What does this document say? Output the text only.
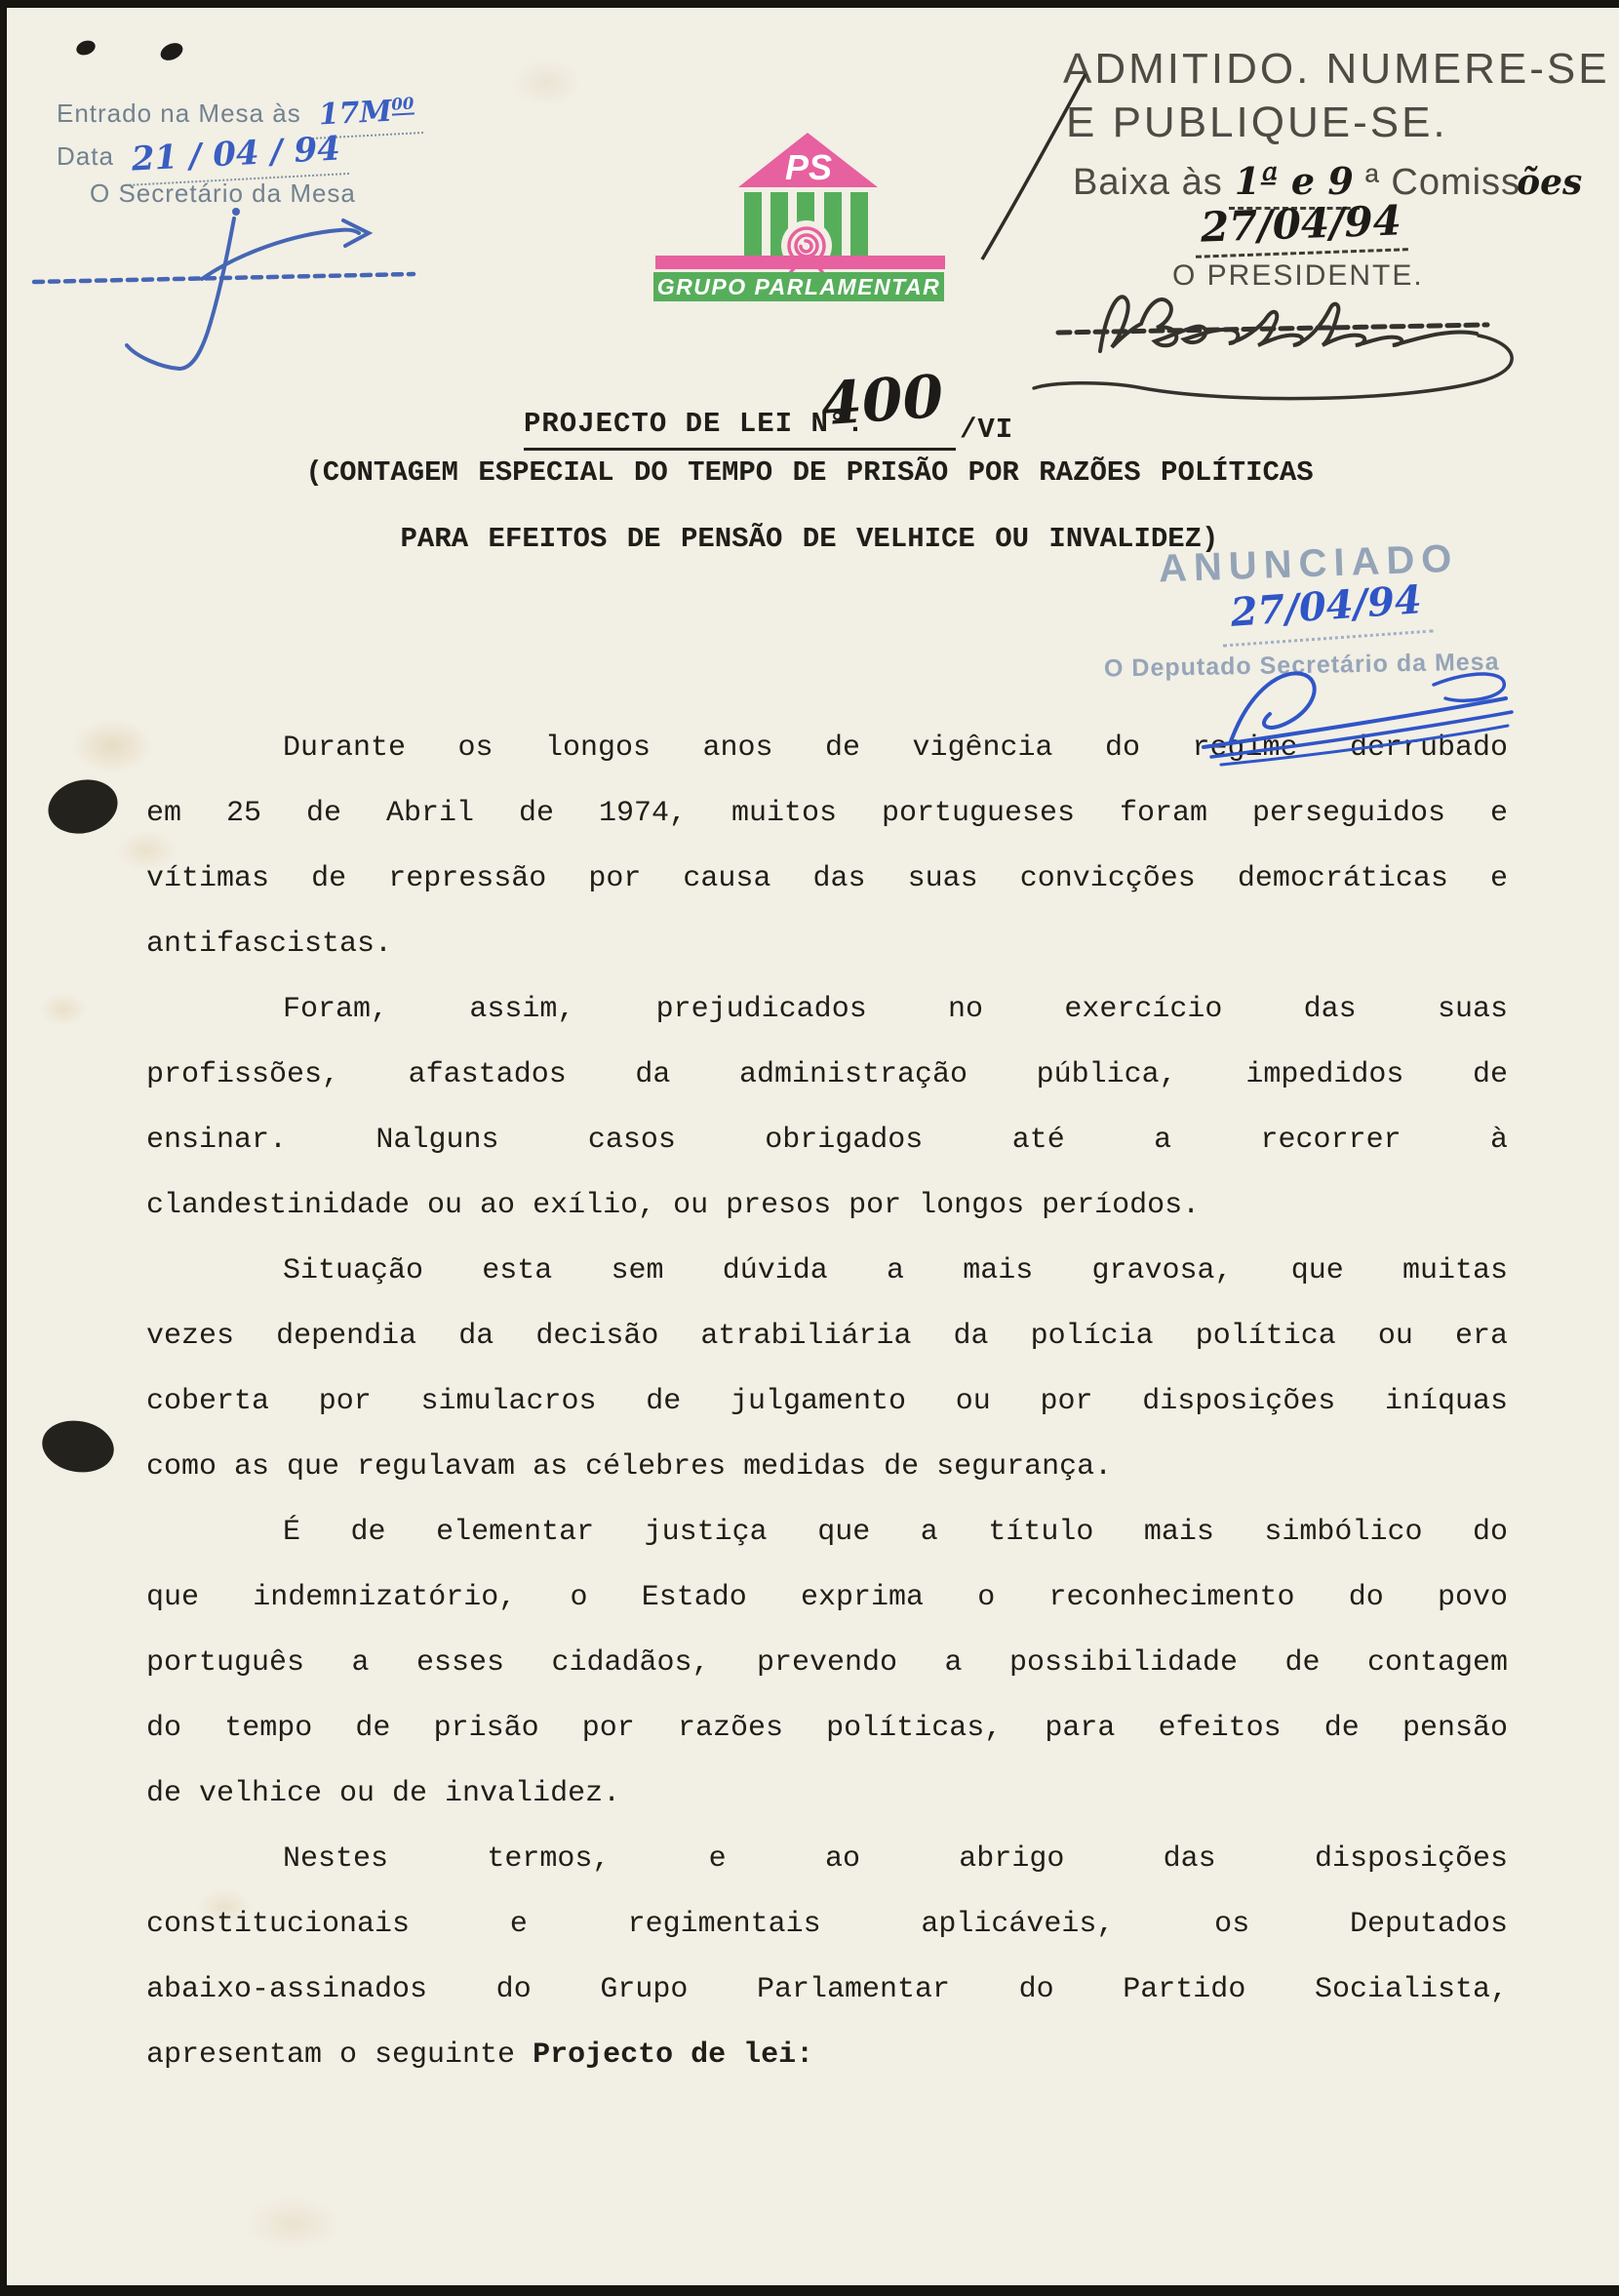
Entrado na Mesa às $17M^{00}$
Data 21 / 04 / 94
O Secretário da Mesa
ADMITIDO. NUMERE-SE
E PUBLIQUE-SE.
Baixa às 1ª e 9 ª Comiss
ões
27/04/94
O PRESIDENTE.
PS
GRUPO PARLAMENTAR
PROJECTO DE LEI N°.
400 /VI
(CONTAGEM ESPECIAL DO TEMPO DE PRISÃO POR RAZÕES POLÍTICAS
PARA EFEITOS DE PENSÃO DE VELHICE OU INVALIDEZ)
ANUNCIADO
27/04/94
O Deputado Secretário da Mesa
Durante os longos anos de vigência do regime derrubado
em 25 de Abril de 1974, muitos portugueses foram perseguidos e
vítimas de repressão por causa das suas convicções democráticas e
antifascistas.
Foram, assim, prejudicados no exercício das suas
profissões, afastados da administração pública, impedidos de
ensinar. Nalguns casos obrigados até a recorrer à
clandestinidade ou ao exílio, ou presos por longos períodos.
Situação esta sem dúvida a mais gravosa, que muitas
vezes dependia da decisão atrabiliária da polícia política ou era
coberta por simulacros de julgamento ou por disposições iníquas
como as que regulavam as célebres medidas de segurança.
É de elementar justiça que a título mais simbólico do
que indemnizatório, o Estado exprima o reconhecimento do povo
português a esses cidadãos, prevendo a possibilidade de contagem
do tempo de prisão por razões políticas, para efeitos de pensão
de velhice ou de invalidez.
Nestes termos, e ao abrigo das disposições
constitucionais e regimentais aplicáveis, os Deputados
abaixo-assinados do Grupo Parlamentar do Partido Socialista,
apresentam o seguinte Projecto de lei:
